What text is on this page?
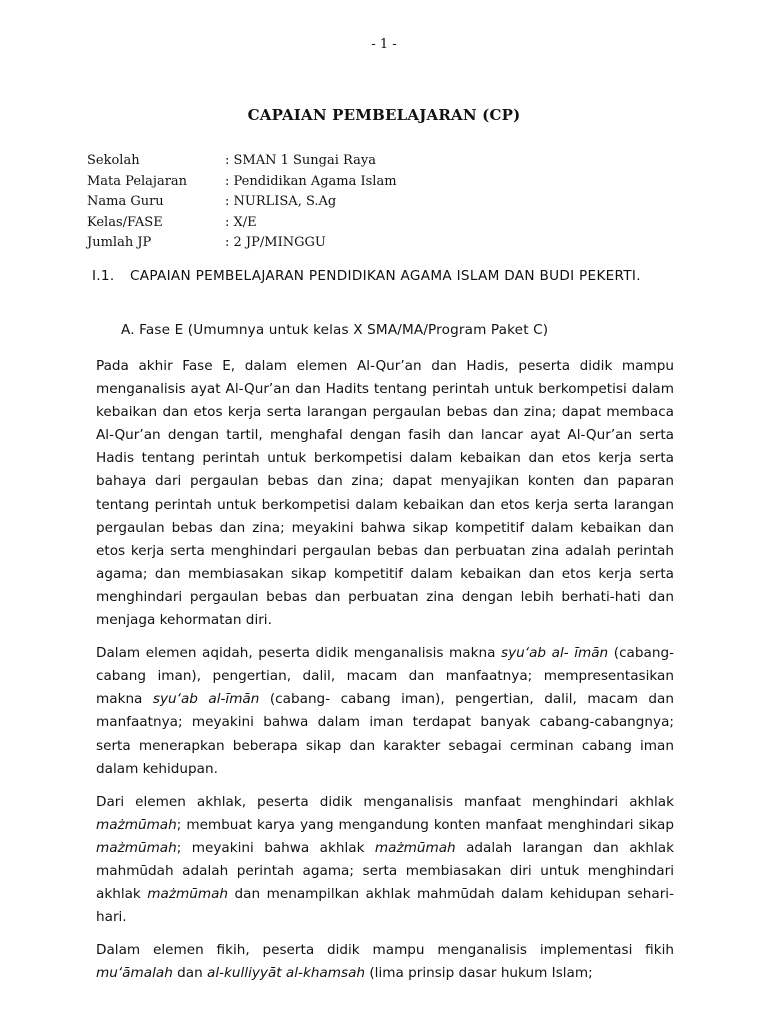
- 1 -
CAPAIAN PEMBELAJARAN (CP)
Sekolah	: SMAN 1 Sungai Raya
Mata Pelajaran	: Pendidikan Agama Islam
Nama Guru	: NURLISA, S.Ag
Kelas/FASE	: X/E
Jumlah JP	: 2 JP/MINGGU
I.1. CAPAIAN PEMBELAJARAN PENDIDIKAN AGAMA ISLAM DAN BUDI PEKERTI.
A. Fase E (Umumnya untuk kelas X SMA/MA/Program Paket C)

Pada akhir Fase E, dalam elemen Al-Qur’an dan Hadis, peserta didik mampu menganalisis ayat Al-Qur’an dan Hadits tentang perintah untuk berkompetisi dalam kebaikan dan etos kerja serta larangan pergaulan bebas dan zina; dapat membaca Al-Qur’an dengan tartil, menghafal dengan fasih dan lancar ayat Al-Qur’an serta Hadis tentang perintah untuk berkompetisi dalam kebaikan dan etos kerja serta bahaya dari pergaulan bebas dan zina; dapat menyajikan konten dan paparan tentang perintah untuk berkompetisi dalam kebaikan dan etos kerja serta larangan pergaulan bebas dan zina; meyakini bahwa sikap kompetitif dalam kebaikan dan etos kerja serta menghindari pergaulan bebas dan perbuatan zina adalah perintah agama; dan membiasakan sikap kompetitif dalam kebaikan dan etos kerja serta menghindari pergaulan bebas dan perbuatan zina dengan lebih berhati-hati dan menjaga kehormatan diri.

Dalam elemen aqidah, peserta didik menganalisis makna syu‘ab al- īmān (cabang-cabang iman), pengertian, dalil, macam dan manfaatnya; mempresentasikan makna syu‘ab al-īmān (cabang- cabang iman), pengertian, dalil, macam dan manfaatnya; meyakini bahwa dalam iman terdapat banyak cabang-cabangnya; serta menerapkan beberapa sikap dan karakter sebagai cerminan cabang iman dalam kehidupan.

Dari elemen akhlak, peserta didik menganalisis manfaat menghindari akhlak mażmūmah; membuat karya yang mengandung konten manfaat menghindari sikap mażmūmah; meyakini bahwa akhlak mażmūmah adalah larangan dan akhlak mahmūdah adalah perintah agama; serta membiasakan diri untuk menghindari akhlak mażmūmah dan menampilkan akhlak mahmūdah dalam kehidupan sehari-hari.

Dalam elemen fikih, peserta didik mampu menganalisis implementasi fikih mu‘āmalah dan al-kulliyyāt al-khamsah (lima prinsip dasar hukum Islam;
